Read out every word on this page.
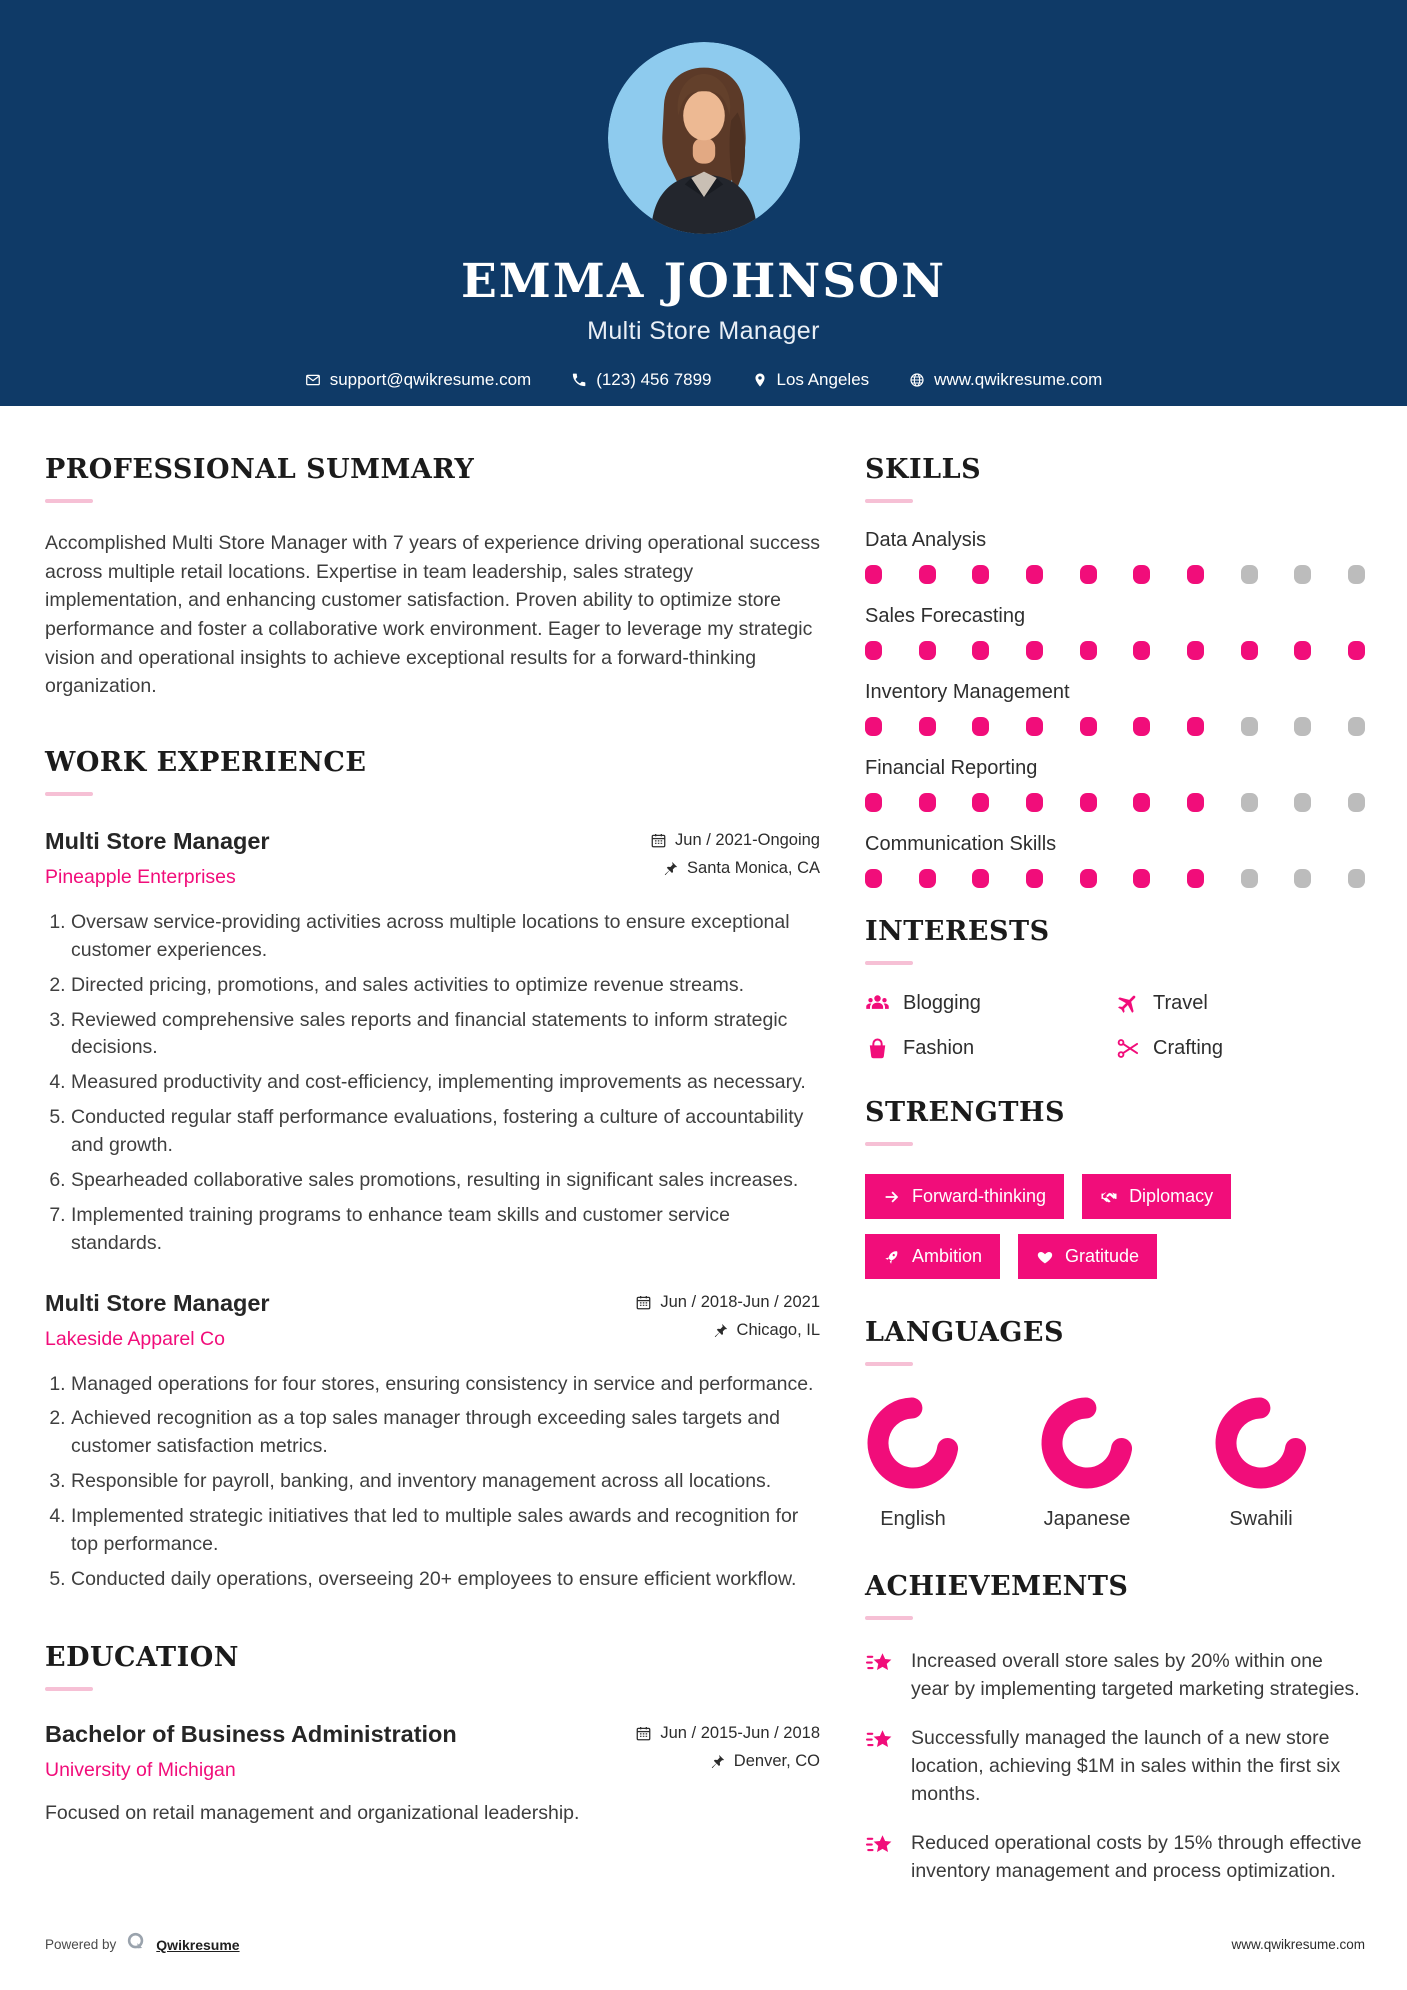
EMMA JOHNSON
Multi Store Manager
support@qwikresume.com	(123) 456 7899	Los Angeles	www.qwikresume.com
PROFESSIONAL SUMMARY

Accomplished Multi Store Manager with 7 years of experience driving operational success across multiple retail locations. Expertise in team leadership, sales strategy implementation, and enhancing customer satisfaction. Proven ability to optimize store performance and foster a collaborative work environment. Eager to leverage my strategic vision and operational insights to achieve exceptional results for a forward-thinking organization.

WORK EXPERIENCE
Multi Store Manager
Pineapple Enterprises
Jun / 2021-Ongoing
Santa Monica, CA
1. Oversaw service-providing activities across multiple locations to ensure exceptional customer experiences.
2. Directed pricing, promotions, and sales activities to optimize revenue streams.
3. Reviewed comprehensive sales reports and financial statements to inform strategic decisions.
4. Measured productivity and cost-efficiency, implementing improvements as necessary.
5. Conducted regular staff performance evaluations, fostering a culture of accountability and growth.
6. Spearheaded collaborative sales promotions, resulting in significant sales increases.
7. Implemented training programs to enhance team skills and customer service standards.
Multi Store Manager
Lakeside Apparel Co
Jun / 2018-Jun / 2021
Chicago, IL
1. Managed operations for four stores, ensuring consistency in service and performance.
2. Achieved recognition as a top sales manager through exceeding sales targets and customer satisfaction metrics.
3. Responsible for payroll, banking, and inventory management across all locations.
4. Implemented strategic initiatives that led to multiple sales awards and recognition for top performance.
5. Conducted daily operations, overseeing 20+ employees to ensure efficient workflow.
EDUCATION
Bachelor of Business Administration
University of Michigan
Jun / 2015-Jun / 2018
Denver, CO

Focused on retail management and organizational leadership.

SKILLS
Data Analysis
Sales Forecasting
Inventory Management
Financial Reporting
Communication Skills
INTERESTS
Blogging	Travel
Fashion	Crafting
STRENGTHS
Forward-thinking	Diplomacy
Ambition	Gratitude
LANGUAGES
English	Japanese	Swahili
ACHIEVEMENTS
Increased overall store sales by 20% within one year by implementing targeted marketing strategies.
Successfully managed the launch of a new store location, achieving $1M in sales within the first six months.
Reduced operational costs by 15% through effective inventory management and process optimization.
Powered by	Qwikresume	www.qwikresume.com
